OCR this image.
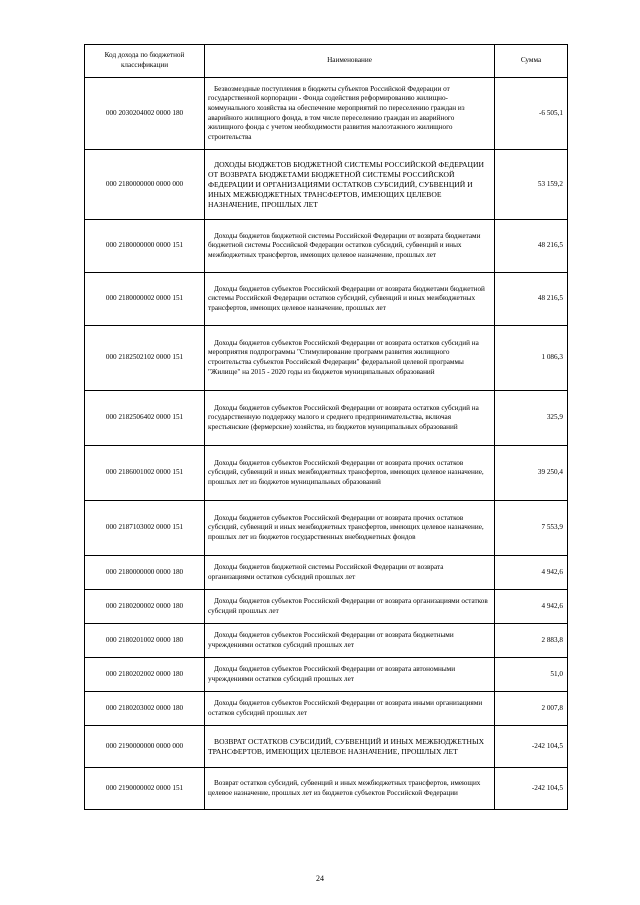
Код дохода по бюджетной классификации	Наименование	Сумма
000 2030204002 0000 180	Безвозмездные поступления в бюджеты субъектов Российской Федерации от государственной корпорации - Фонда содействия реформированию жилищно-коммунального хозяйства на обеспечение мероприятий по переселению граждан из аварийного жилищного фонда, в том числе переселению граждан из аварийного жилищного фонда с учетом необходимости развития малоэтажного жилищного строительства	-6 505,1
000 2180000000 0000 000	ДОХОДЫ БЮДЖЕТОВ БЮДЖЕТНОЙ СИСТЕМЫ РОССИЙСКОЙ ФЕДЕРАЦИИ ОТ ВОЗВРАТА БЮДЖЕТАМИ БЮДЖЕТНОЙ СИСТЕМЫ РОССИЙСКОЙ ФЕДЕРАЦИИ И ОРГАНИЗАЦИЯМИ ОСТАТКОВ СУБСИДИЙ, СУБВЕНЦИЙ И ИНЫХ МЕЖБЮДЖЕТНЫХ ТРАНСФЕРТОВ, ИМЕЮЩИХ ЦЕЛЕВОЕ НАЗНАЧЕНИЕ, ПРОШЛЫХ ЛЕТ	53 159,2
000 2180000000 0000 151	Доходы бюджетов бюджетной системы Российской Федерации от возврата бюджетами бюджетной системы Российской Федерации остатков субсидий, субвенций и иных межбюджетных трансфертов, имеющих целевое назначение, прошлых лет	48 216,5
000 2180000002 0000 151	Доходы бюджетов субъектов Российской Федерации от возврата бюджетами бюджетной системы Российской Федерации остатков субсидий, субвенций и иных межбюджетных трансфертов, имеющих целевое назначение, прошлых лет	48 216,5
000 2182502102 0000 151	Доходы бюджетов субъектов Российской Федерации от возврата остатков субсидий на мероприятия подпрограммы "Стимулирование программ развития жилищного строительства субъектов Российской Федерации" федеральной целевой программы "Жилище" на 2015 - 2020 годы из бюджетов муниципальных образований	1 086,3
000 2182506402 0000 151	Доходы бюджетов субъектов Российской Федерации от возврата остатков субсидий на государственную поддержку малого и среднего предпринимательства, включая крестьянские (фермерские) хозяйства, из бюджетов муниципальных образований	325,9
000 2186001002 0000 151	Доходы бюджетов субъектов Российской Федерации от возврата прочих остатков субсидий, субвенций и иных межбюджетных трансфертов, имеющих целевое назначение, прошлых лет из бюджетов муниципальных образований	39 250,4
000 2187103002 0000 151	Доходы бюджетов субъектов Российской Федерации от возврата прочих остатков субсидий, субвенций и иных межбюджетных трансфертов, имеющих целевое назначение, прошлых лет из бюджетов государственных внебюджетных фондов	7 553,9
000 2180000000 0000 180	Доходы бюджетов бюджетной системы Российской Федерации от возврата организациями остатков субсидий прошлых лет	4 942,6
000 2180200002 0000 180	Доходы бюджетов субъектов Российской Федерации от возврата организациями остатков субсидий прошлых лет	4 942,6
000 2180201002 0000 180	Доходы бюджетов субъектов Российской Федерации от возврата бюджетными учреждениями остатков субсидий прошлых лет	2 883,8
000 2180202002 0000 180	Доходы бюджетов субъектов Российской Федерации от возврата автономными учреждениями остатков субсидий прошлых лет	51,0
000 2180203002 0000 180	Доходы бюджетов субъектов Российской Федерации от возврата иными организациями остатков субсидий прошлых лет	2 007,8
000 2190000000 0000 000	ВОЗВРАТ ОСТАТКОВ СУБСИДИЙ, СУБВЕНЦИЙ И ИНЫХ МЕЖБЮДЖЕТНЫХ ТРАНСФЕРТОВ, ИМЕЮЩИХ ЦЕЛЕВОЕ НАЗНАЧЕНИЕ, ПРОШЛЫХ ЛЕТ	-242 104,5
000 2190000002 0000 151	Возврат остатков субсидий, субвенций и иных межбюджетных трансфертов, имеющих целевое назначение, прошлых лет из бюджетов субъектов Российской Федерации	-242 104,5
24
